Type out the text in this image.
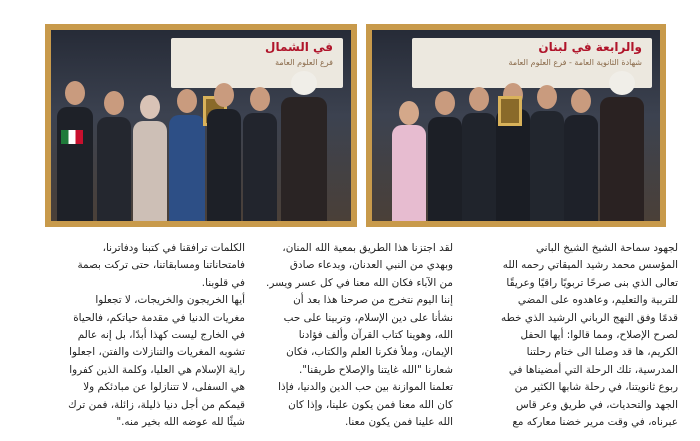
والرابعة في لبنان
شهادة الثانوية العامة - فرع العلوم العامة
في الشمال
فرع العلوم العامة
لجهود سماحة الشيخ الشيخ الباني
المؤسس محمد رشيد الميقاتي رحمه الله
تعالى الذي بنى صرحًا تربويًا راقيًا وعريقًا
للتربية والتعليم، وعاهدوه على المضي
قدمًا وفق النهج الرباني الرشيد الذي خطه
لصرح الإصلاح، ومما قالوا: أيها الحفل
الكريم، ها قد وصلنا الى ختام رحلتنا
المدرسية، تلك الرحلة التي أمضيناها في
ربوع ثانويتنا، في رحلة شابها الكثير من
الجهد والتحديات، في طريق وعر قاس
عبرناه، في وقت مرير خضنا معاركه مع
لقد اجتزنا هذا الطريق بمعية الله المنان،
وبهدي من النبي العدنان، وبدعاء صادق
من الآباء فكان الله معنا في كل عسر ويسر.
إننا اليوم نتخرج من صرحنا هذا بعد أن
نشأنا على دين الإسلام، وتربينا على حب
الله، وهوينا كتاب القرآن وألف فؤادنا
الإيمان، وملأ فكرنا العلم والكتاب، فكان
شعارنا "الله غايتنا والإصلاح طريقنا".
تعلمنا الموازنة بين حب الدين والدنيا، فإذا
كان الله معنا فمن يكون علينا، وإذا كان
الله علينا فمن يكون معنا.
الكلمات ترافقنا في كتبنا ودفاترنا،
فامتحاناتنا ومسابقاتنا، حتى تركت بصمة
في قلوبنا.
أيها الخريجون والخريجات، لا تجعلوا
مغريات الدنيا في مقدمة حياتكم، فالحياة
في الخارج ليست كهذا أبدًا، بل إنه عالم
تشوبه المغريات والتنازلات والفتن، اجعلوا
راية الإسلام هي العليا، وكلمة الذين كفروا
هي السفلى، لا تتنازلوا عن مبادئكم ولا
قيمكم من أجل دنيا ذليلة، زائلة، فمن ترك
شيئًا لله عوضه الله بخير منه."
